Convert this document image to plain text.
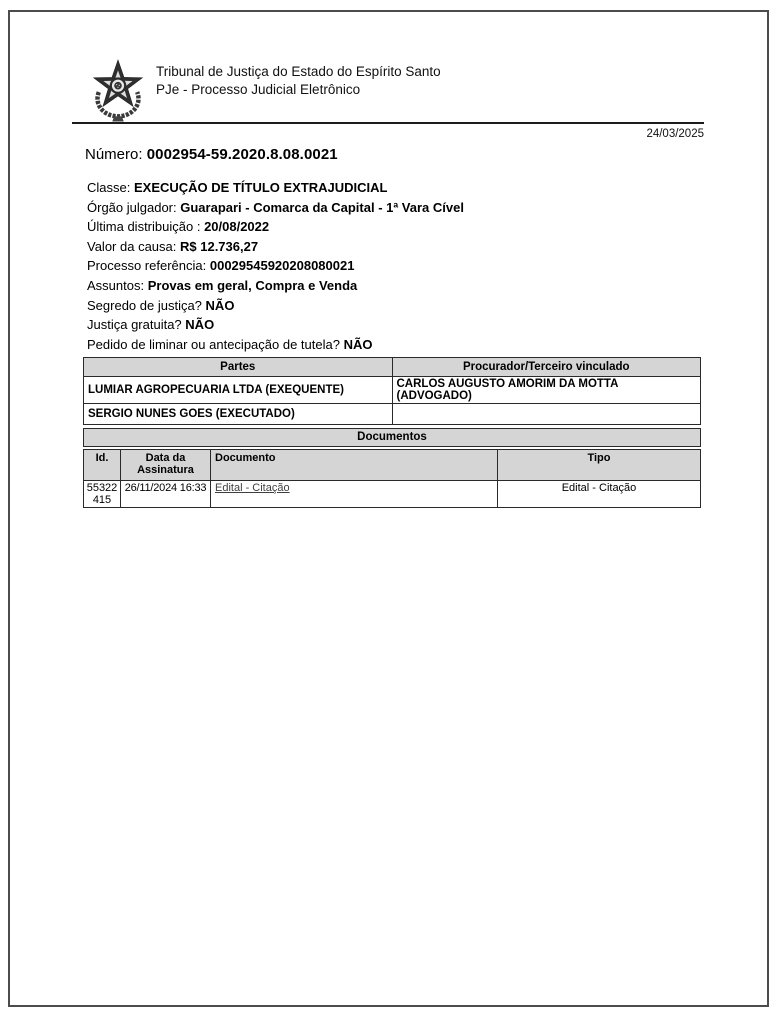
Tribunal de Justiça do Estado do Espírito Santo
PJe - Processo Judicial Eletrônico
24/03/2025
Número: 0002954-59.2020.8.08.0021
Classe: EXECUÇÃO DE TÍTULO EXTRAJUDICIAL
Órgão julgador: Guarapari - Comarca da Capital - 1ª Vara Cível
Última distribuição : 20/08/2022
Valor da causa: R$ 12.736,27
Processo referência: 00029545920208080021
Assuntos: Provas em geral, Compra e Venda
Segredo de justiça? NÃO
Justiça gratuita? NÃO
Pedido de liminar ou antecipação de tutela? NÃO
Partes	Procurador/Terceiro vinculado
LUMIAR AGROPECUARIA LTDA (EXEQUENTE)	CARLOS AUGUSTO AMORIM DA MOTTA (ADVOGADO)
SERGIO NUNES GOES (EXECUTADO)	
Documentos
Id.	Data da Assinatura	Documento	Tipo
55322415	26/11/2024 16:33	Edital - Citação	Edital - Citação
